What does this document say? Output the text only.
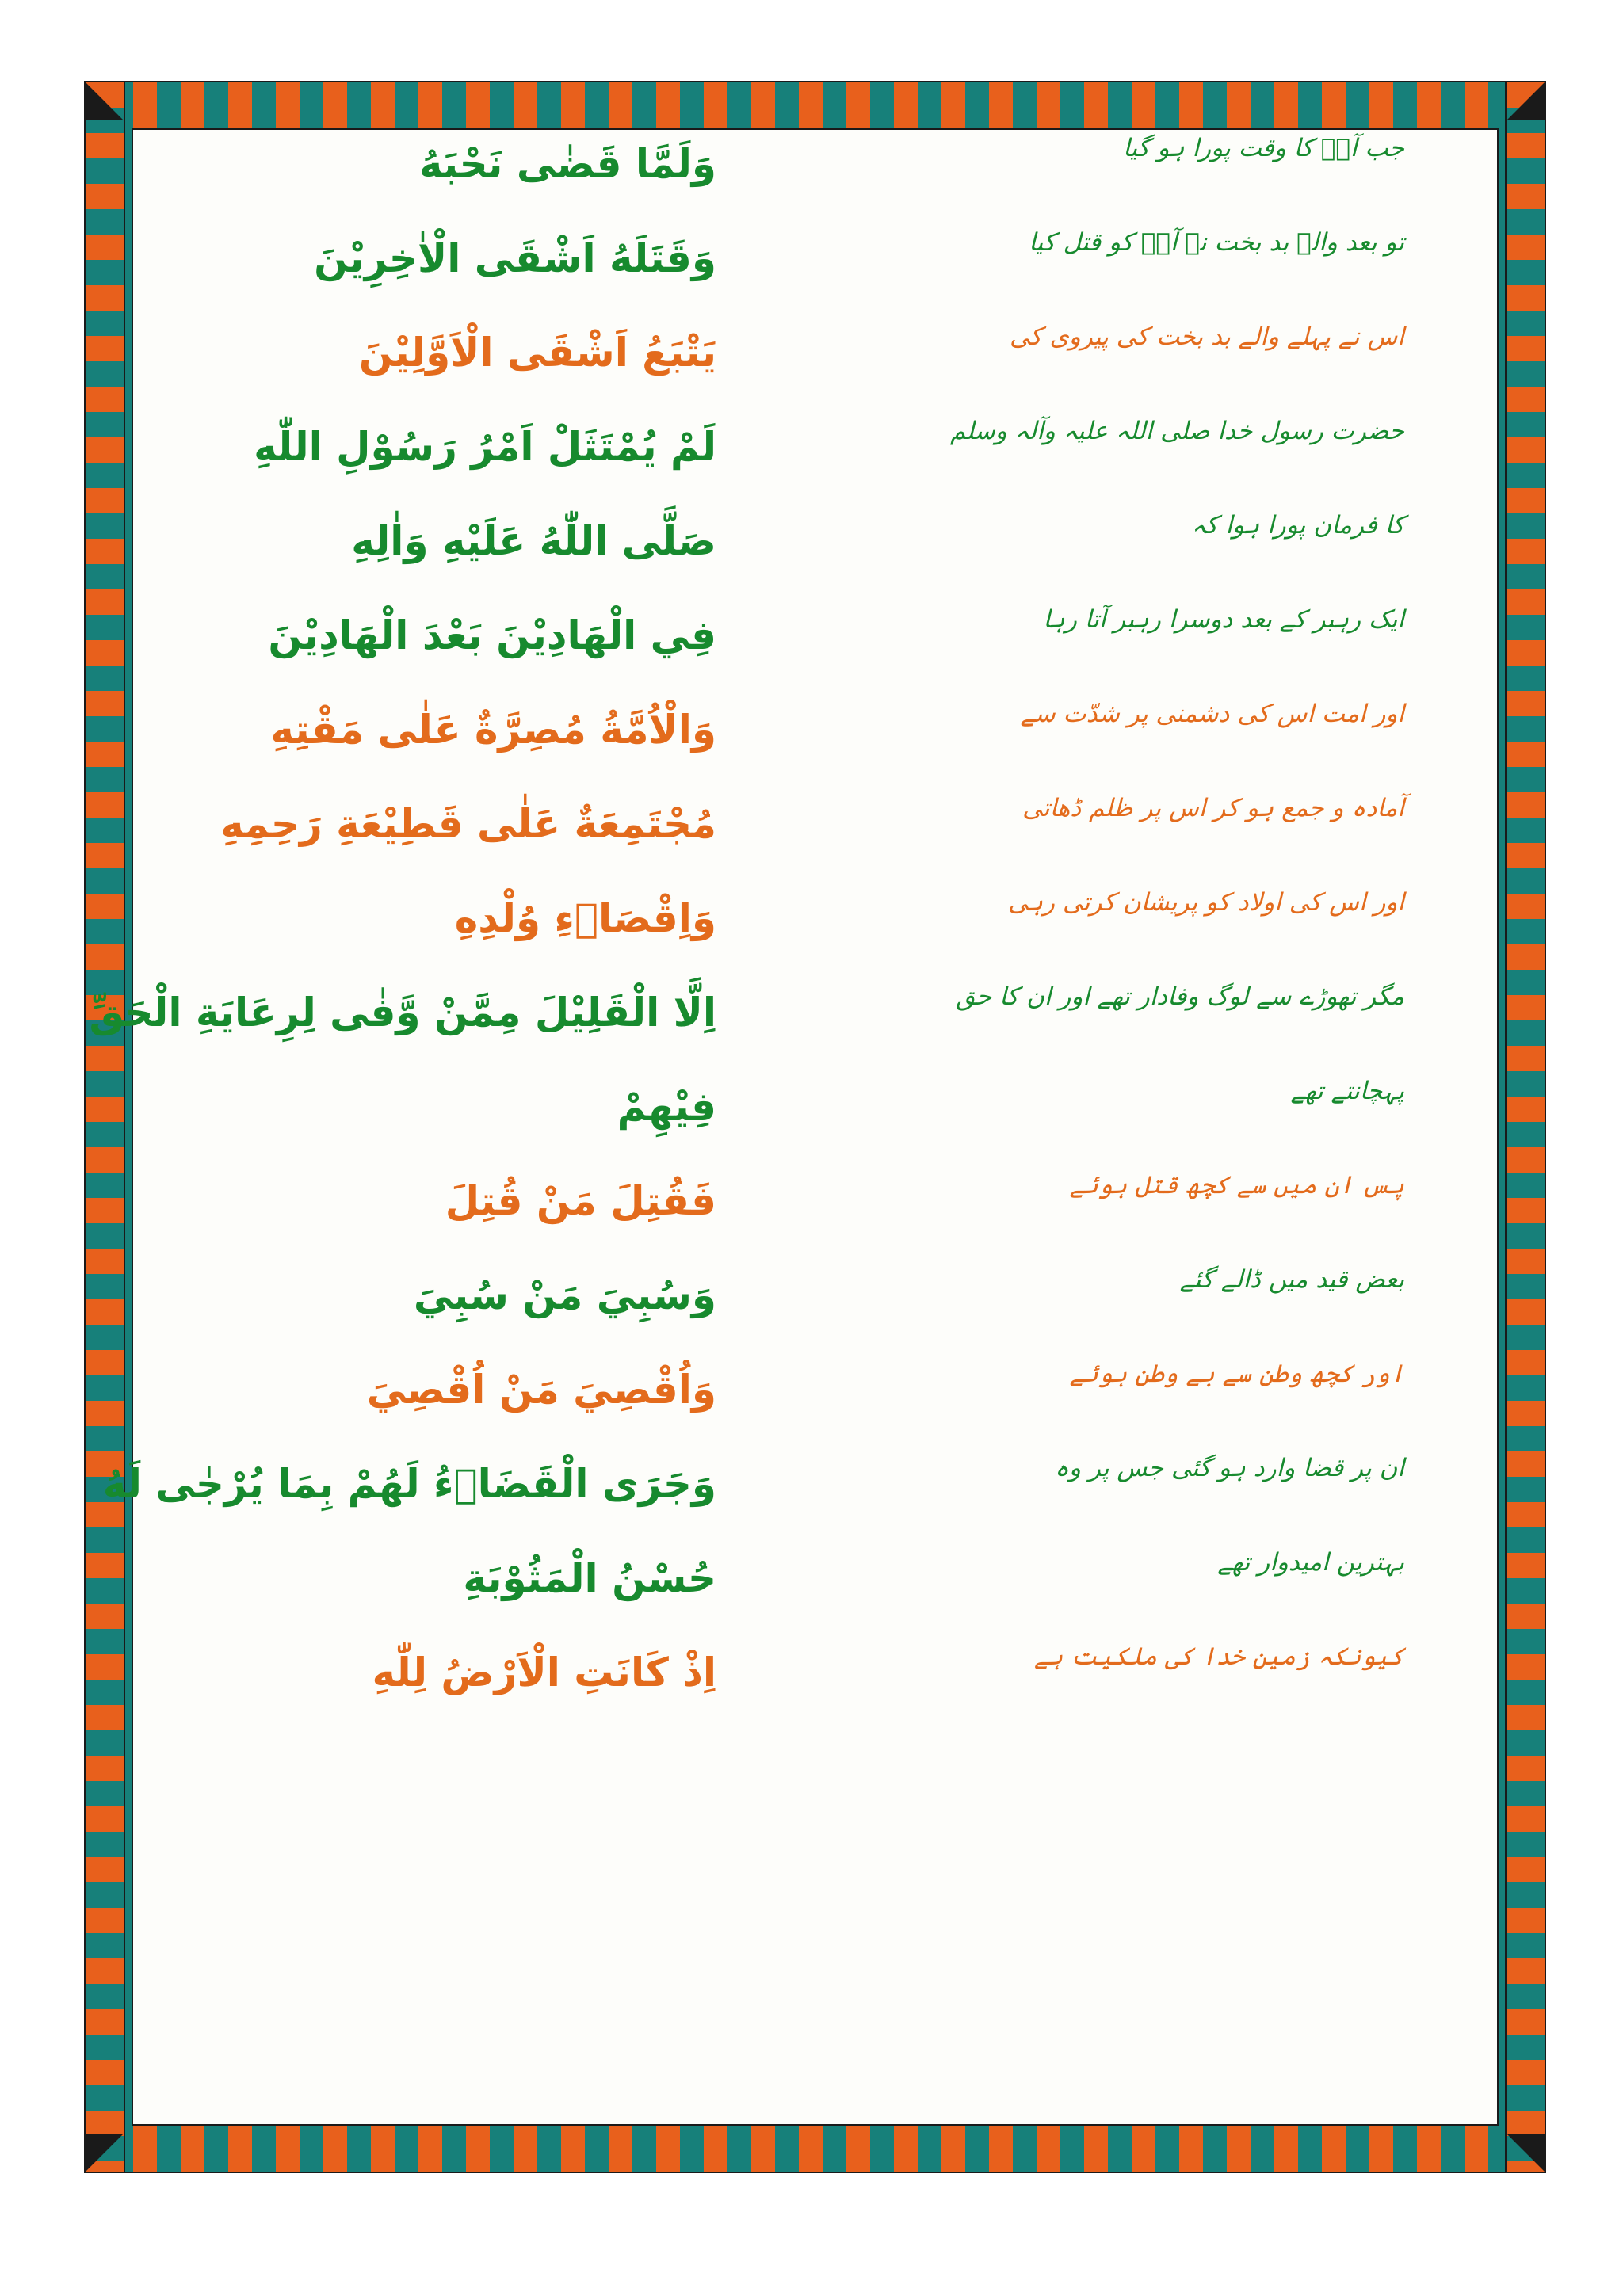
وَلَمَّا قَضٰى نَحْبَهُ	جب آپؑ کا وقت پورا ہو گیا
وَقَتَلَهُ اَشْقَى الْاٰخِرِيْنَ	تو بعد والے بد بخت نے آپؑ کو قتل کیا
يَتْبَعُ اَشْقَى الْاَوَّلِيْنَ	اس نے پہلے والے بد بخت کی پیروی کی
لَمْ يُمْتَثَلْ اَمْرُ رَسُوْلِ اللّٰهِ	حضرت رسول خدا صلی اللہ علیہ وآلہ وسلم
صَلَّى اللّٰهُ عَلَيْهِ وَاٰلِهِ	کا فرمان پورا ہوا کہ
فِي الْهَادِيْنَ بَعْدَ الْهَادِيْنَ	ایک رہبر کے بعد دوسرا رہبر آتا رہا
وَالْاُمَّةُ مُصِرَّةٌ عَلٰى مَقْتِهِ	اور امت اس کی دشمنی پر شدّت سے
مُجْتَمِعَةٌ عَلٰى قَطِيْعَةِ رَحِمِهِ	آمادہ و جمع ہو کر اس پر ظلم ڈھاتی
وَاِقْصَاۗءِ وُلْدِهِ	اور اس کی اولاد کو پریشان کرتی رہی
اِلَّا الْقَلِيْلَ مِمَّنْ وَّفٰى لِرِعَايَةِ الْحَقِّ	مگر تھوڑے سے لوگ وفادار تھے اور ان کا حق
فِيْهِمْ	پہچانتے تھے
فَقُتِلَ مَنْ قُتِلَ	پس ان میں سے کچھ قتل ہوئے
وَسُبِيَ مَنْ سُبِيَ	بعض قید میں ڈالے گئے
وَاُقْصِيَ مَنْ اُقْصِيَ	اور کچھ وطن سے بے وطن ہوئے
وَجَرَى الْقَضَاۗءُ لَهُمْ بِمَا يُرْجٰى لَهُ	ان پر قضا وارد ہو گئی جس پر وہ
حُسْنُ الْمَثُوْبَةِ	بہترین امیدوار تھے
اِذْ كَانَتِ الْاَرْضُ لِلّٰهِ	کیونکہ زمین خدا کی ملکیت ہے
